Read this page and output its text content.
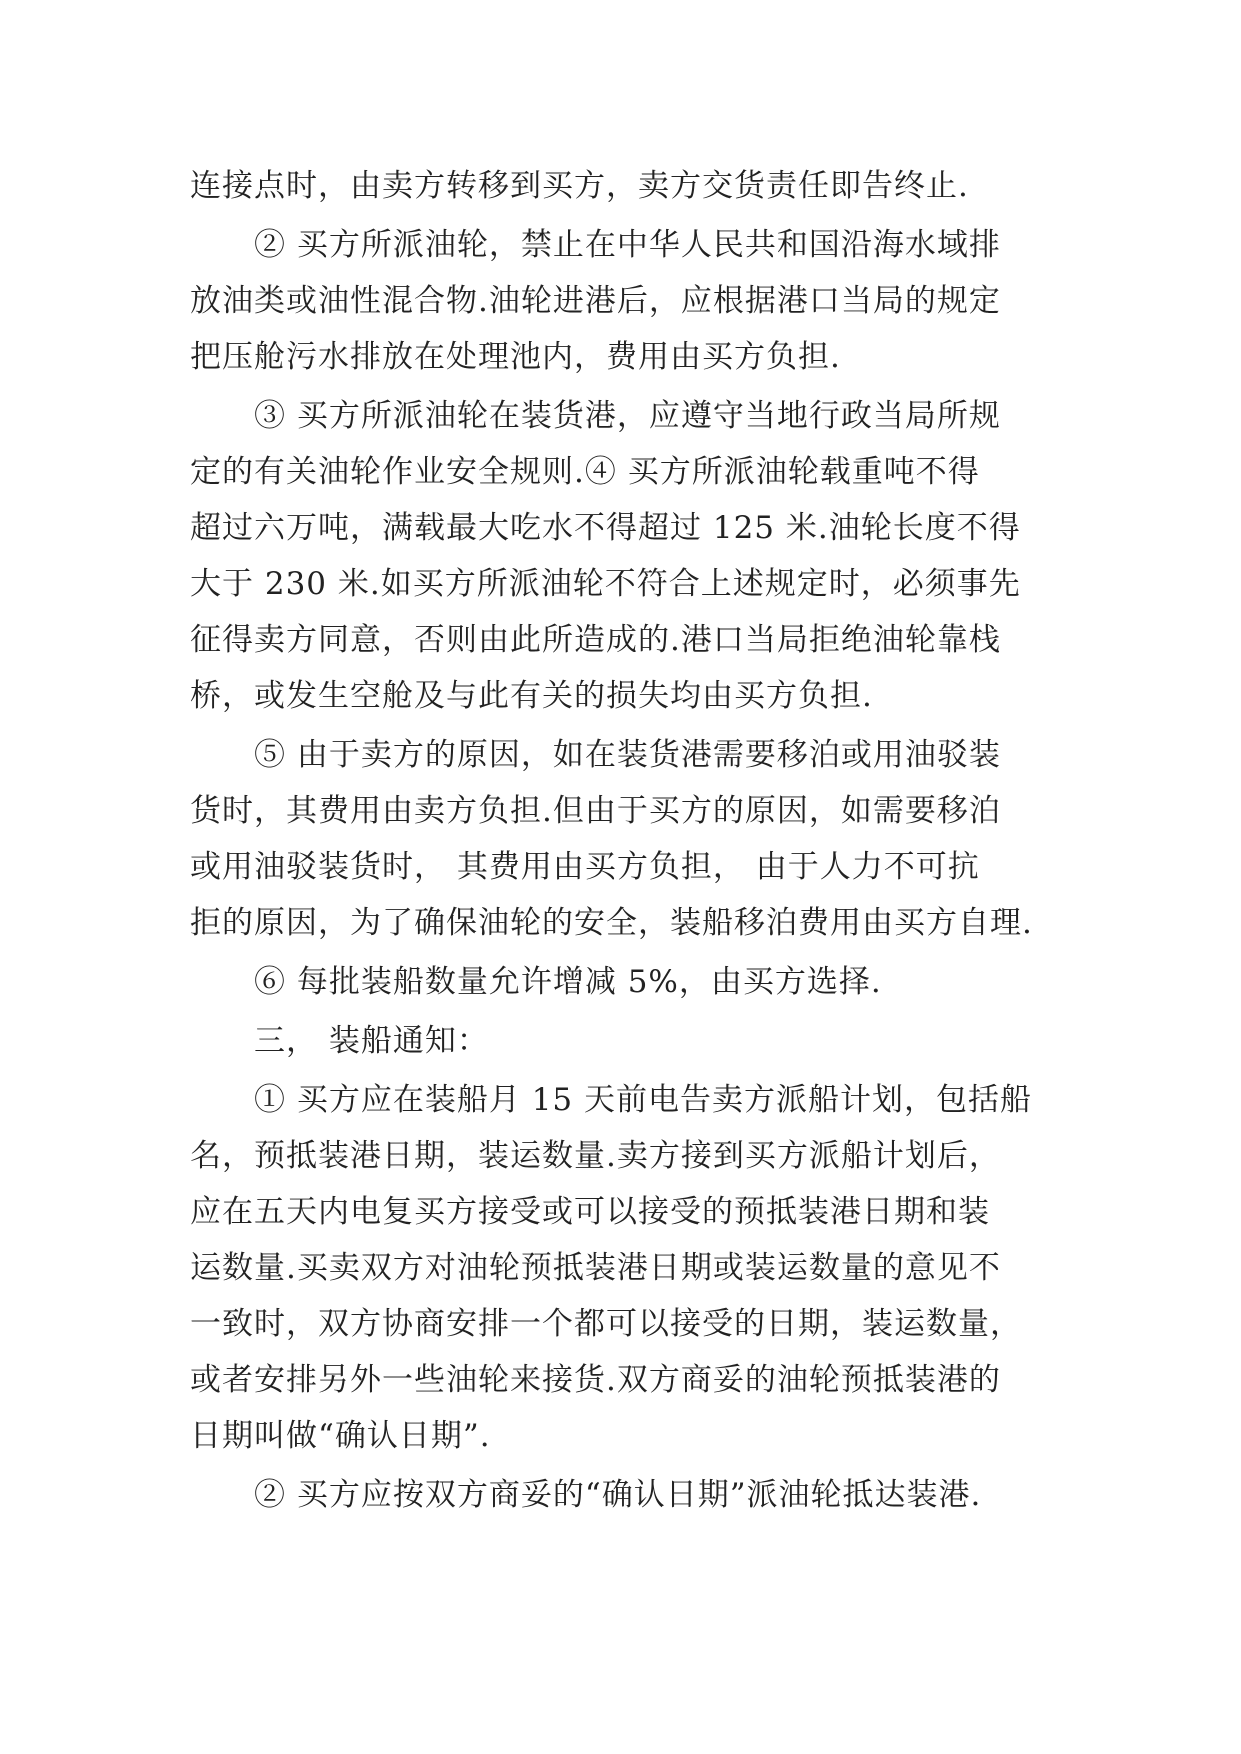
连接点时，由卖方转移到买方，卖方交货责任即告终止.
② 买方所派油轮，禁止在中华人民共和国沿海水域排
放油类或油性混合物.油轮进港后，应根据港口当局的规定
把压舱污水排放在处理池内，费用由买方负担.
③ 买方所派油轮在装货港，应遵守当地行政当局所规
定的有关油轮作业安全规则.④ 买方所派油轮载重吨不得
超过六万吨，满载最大吃水不得超过 125 米.油轮长度不得
大于 230 米.如买方所派油轮不符合上述规定时，必须事先
征得卖方同意，否则由此所造成的.港口当局拒绝油轮靠栈
桥，或发生空舱及与此有关的损失均由买方负担.
⑤ 由于卖方的原因，如在装货港需要移泊或用油驳装
货时，其费用由卖方负担.但由于买方的原因，如需要移泊
或用油驳装货时， 其费用由买方负担， 由于人力不可抗
拒的原因，为了确保油轮的安全，装船移泊费用由买方自理.
⑥ 每批装船数量允许增减 5%，由买方选择.
三， 装船通知：
① 买方应在装船月 15 天前电告卖方派船计划，包括船
名，预抵装港日期，装运数量.卖方接到买方派船计划后，
应在五天内电复买方接受或可以接受的预抵装港日期和装
运数量.买卖双方对油轮预抵装港日期或装运数量的意见不
一致时，双方协商安排一个都可以接受的日期，装运数量，
或者安排另外一些油轮来接货.双方商妥的油轮预抵装港的
日期叫做“确认日期”.
② 买方应按双方商妥的“确认日期”派油轮抵达装港.
